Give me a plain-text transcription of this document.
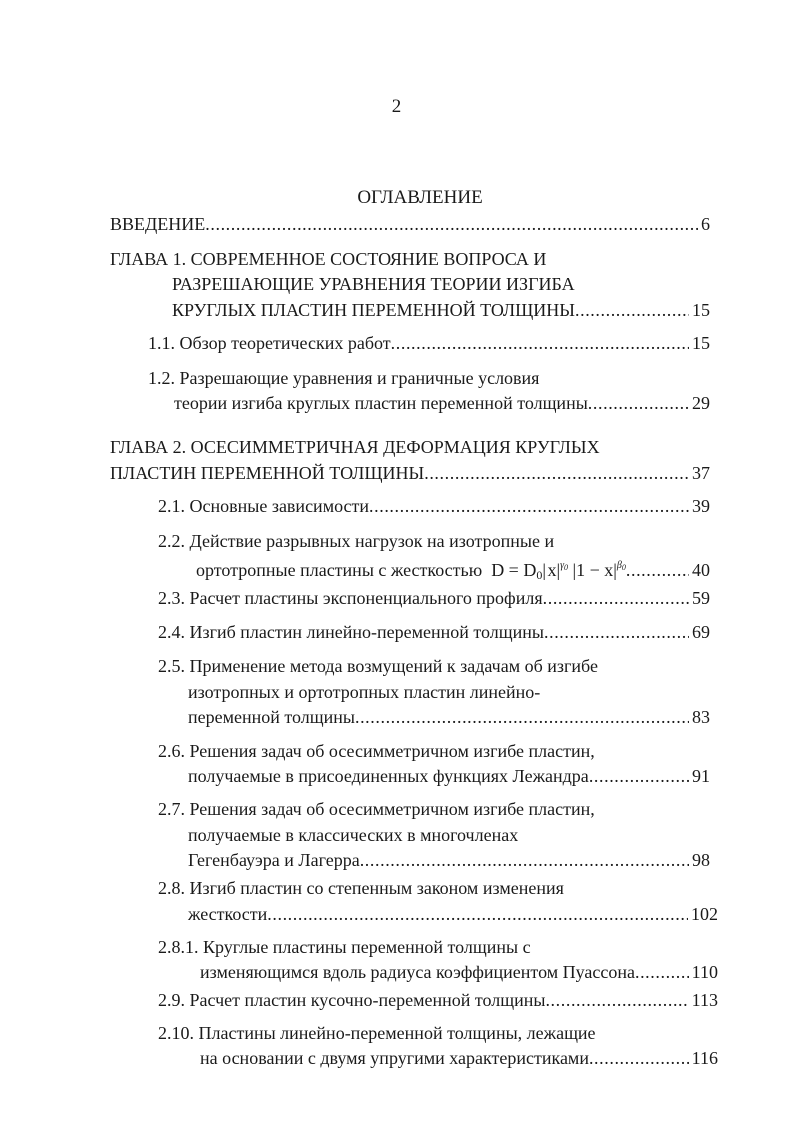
2
ОГЛАВЛЕНИЕ
ВВЕДЕНИЕ .....	6
ГЛАВА 1. СОВРЕМЕННОЕ СОСТОЯНИЕ ВОПРОСА И
РАЗРЕШАЮЩИЕ УРАВНЕНИЯ ТЕОРИИ ИЗГИБА
КРУГЛЫХ ПЛАСТИН ПЕРЕМЕННОЙ ТОЛЩИНЫ .....	15
1.1. Обзор теоретических работ .....	15
1.2. Разрешающие уравнения и граничные условия
теории изгиба круглых пластин переменной толщины .....	29
ГЛАВА 2. ОСЕСИММЕТРИЧНАЯ ДЕФОРМАЦИЯ КРУГЛЫХ
ПЛАСТИН ПЕРЕМЕННОЙ ТОЛЩИНЫ .....	37
2.1. Основные зависимости .....	39
2.2. Действие разрывных нагрузок на изотропные и
ортотропные пластины с жесткостью $D = D_0|$ $x|^{\gamma_0}$ $|1 - x|^{\beta_0}$ .....	40
2.3. Расчет пластины экспоненциального профиля .....	59
2.4. Изгиб пластин линейно-переменной толщины .....	69
2.5. Применение метода возмущений к задачам об изгибе
изотропных и ортотропных пластин линейно-
переменной толщины .....	83
2.6. Решения задач об осесимметричном изгибе пластин,
получаемые в присоединенных функциях Лежандра .....	91
2.7. Решения задач об осесимметричном изгибе пластин,
получаемые в классических в многочленах
Гегенбауэра и Лагерра .....	98
2.8. Изгиб пластин со степенным законом изменения
жесткости .....	102
2.8.1. Круглые пластины переменной толщины с
изменяющимся вдоль радиуса коэффициентом Пуассона .....	110
2.9. Расчет пластин кусочно-переменной толщины .....	113
2.10. Пластины линейно-переменной толщины, лежащие
на основании с двумя упругими характеристиками .....	116
